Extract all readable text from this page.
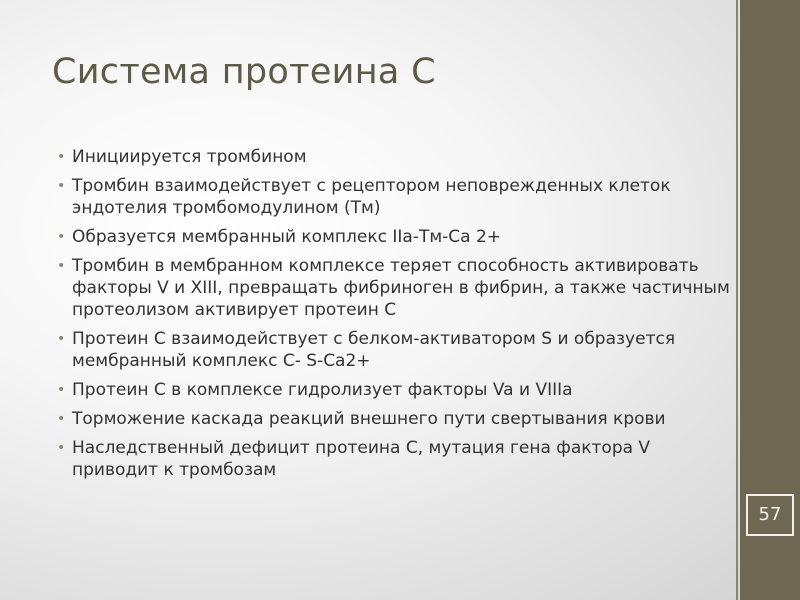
Система протеина С
• Инициируется тромбином
• Тромбин взаимодействует с рецептором неповрежденных клеток эндотелия тромбомодулином (Тм)
• Образуется мембранный комплекс IIa-Тм-Са 2+
• Тромбин в мембранном комплексе теряет способность активировать факторы V и XIII, превращать фибриноген в фибрин, а также частичным протеолизом активирует протеин С
• Протеин С взаимодействует с белком-активатором S и образуется мембранный комплекс С- S-Са2+
• Протеин С в комплексе гидролизует факторы Va и VIIIa
• Торможение каскада реакций внешнего пути свертывания крови
• Наследственный дефицит протеина С, мутация гена фактора V приводит к тромбозам
57
